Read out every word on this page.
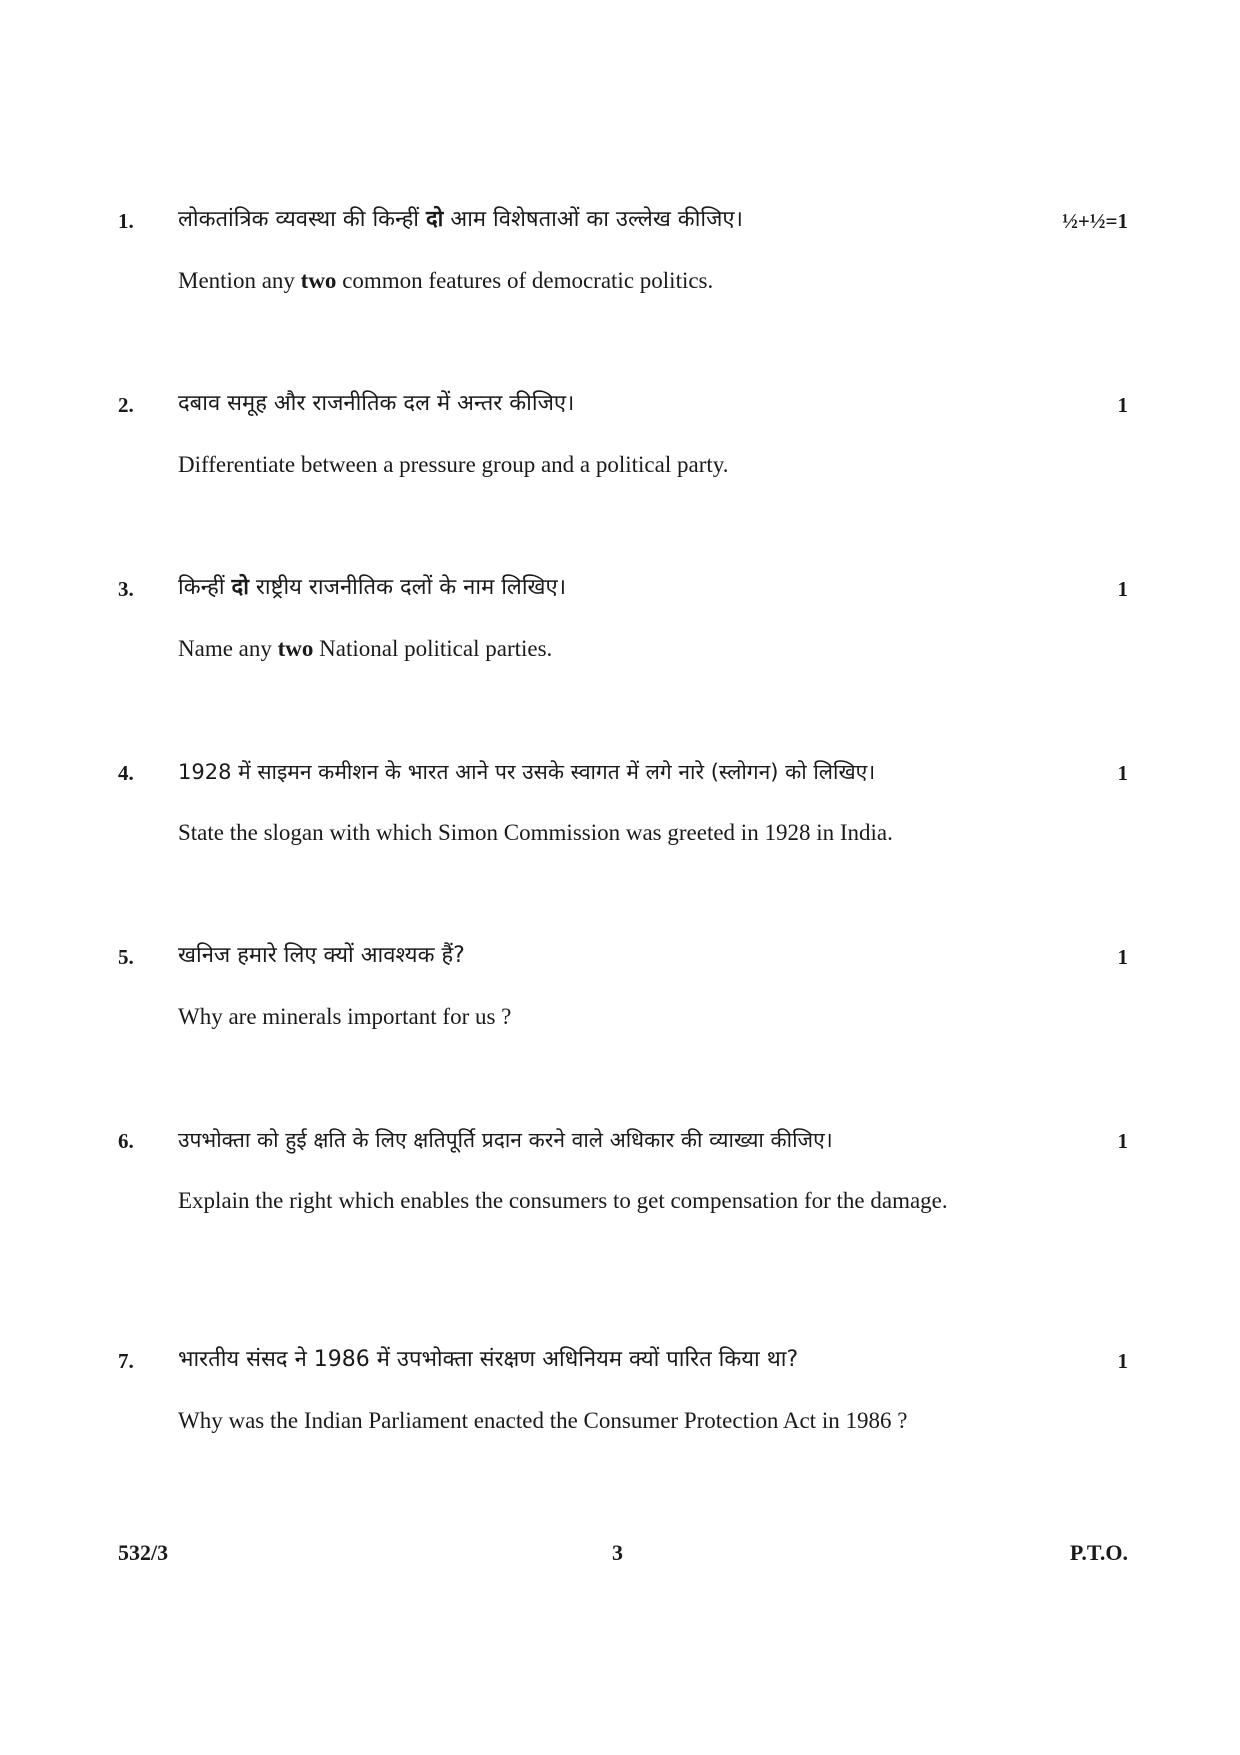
1. लोकतांत्रिक व्यवस्था की किन्हीं दो आम विशेषताओं का उल्लेख कीजिए।	½+½=1
Mention any two common features of democratic politics.
2. दबाव समूह और राजनीतिक दल में अन्तर कीजिए।	1
Differentiate between a pressure group and a political party.
3. किन्हीं दो राष्ट्रीय राजनीतिक दलों के नाम लिखिए।	1
Name any two National political parties.
4. 1928 में साइमन कमीशन के भारत आने पर उसके स्वागत में लगे नारे (स्लोगन) को लिखिए।	1
State the slogan with which Simon Commission was greeted in 1928 in India.
5. खनिज हमारे लिए क्यों आवश्यक हैं?	1
Why are minerals important for us ?
6. उपभोक्ता को हुई क्षति के लिए क्षतिपूर्ति प्रदान करने वाले अधिकार की व्याख्या कीजिए।	1
Explain the right which enables the consumers to get compensation for the damage.
7. भारतीय संसद ने 1986 में उपभोक्ता संरक्षण अधिनियम क्यों पारित किया था?	1
Why was the Indian Parliament enacted the Consumer Protection Act in 1986 ?
532/3	3	P.T.O.
